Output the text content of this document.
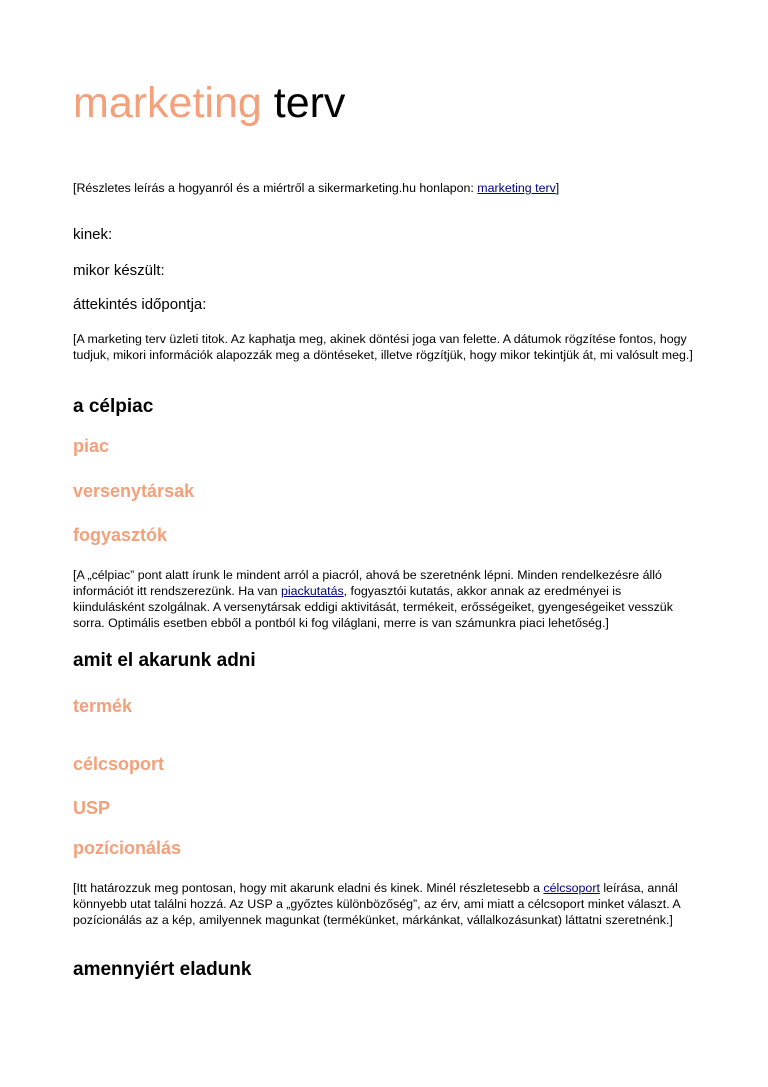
marketing terv
[Részletes leírás a hogyanról és a miértről a sikermarketing.hu honlapon: marketing terv]
kinek:
mikor készült:
áttekintés időpontja:
[A marketing terv üzleti titok. Az kaphatja meg, akinek döntési joga van felette. A dátumok rögzítése fontos, hogy tudjuk, mikori információk alapozzák meg a döntéseket, illetve rögzítjük, hogy mikor tekintjük át, mi valósult meg.]
a célpiac
piac
versenytársak
fogyasztók
[A „célpiac” pont alatt írunk le mindent arról a piacról, ahová be szeretnénk lépni. Minden rendelkezésre álló információt itt rendszerezünk. Ha van piackutatás, fogyasztói kutatás, akkor annak az eredményei is kiindulásként szolgálnak. A versenytársak eddigi aktivitását, termékeit, erősségeiket, gyengeségeiket vesszük sorra. Optimális esetben ebből a pontból ki fog világlani, merre is van számunkra piaci lehetőség.]
amit el akarunk adni
termék
célcsoport
USP
pozícionálás
[Itt határozzuk meg pontosan, hogy mit akarunk eladni és kinek. Minél részletesebb a célcsoport leírása, annál könnyebb utat találni hozzá. Az USP a „győztes különbözőség”, az érv, ami miatt a célcsoport minket választ. A pozícionálás az a kép, amilyennek magunkat (termékünket, márkánkat, vállalkozásunkat) láttatni szeretnénk.]
amennyiért eladunk
